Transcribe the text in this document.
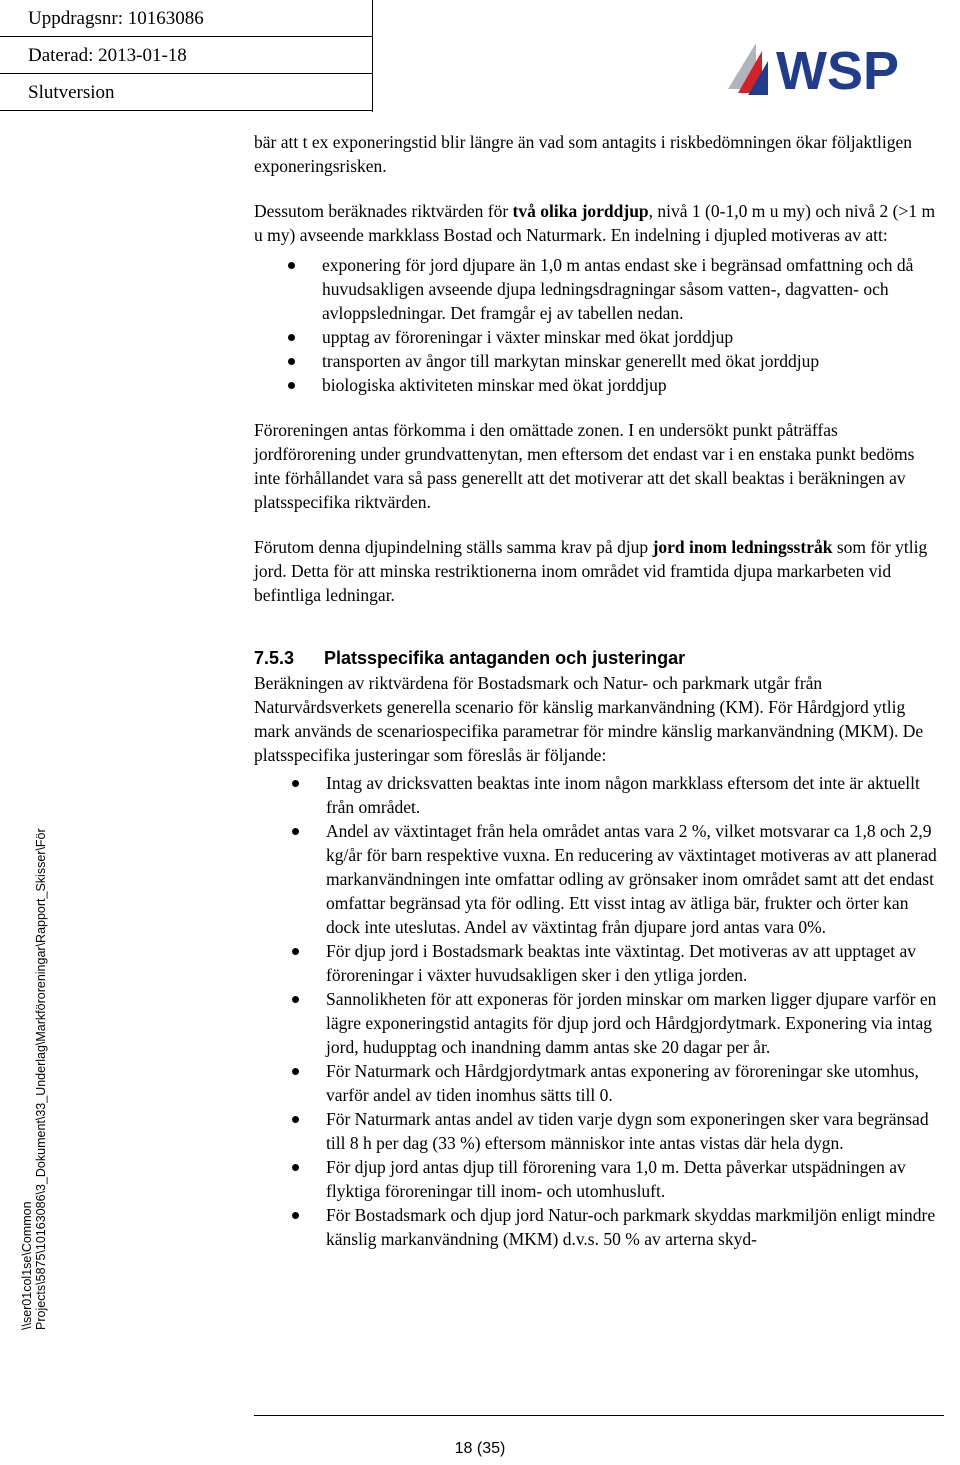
Uppdragsnr: 10163086
Daterad: 2013-01-18
Slutversion	WSP

bär att t ex exponeringstid blir längre än vad som antagits i riskbedömningen ökar följaktligen exponeringsrisken.

Dessutom beräknades riktvärden för två olika jorddjup, nivå 1 (0-1,0 m u my) och nivå 2 (>1 m u my) avseende markklass Bostad och Naturmark. En indelning i djupled motiveras av att:

exponering för jord djupare än 1,0 m antas endast ske i begränsad omfattning och då huvudsakligen avseende djupa ledningsdragningar såsom vatten-, dagvatten- och avloppsledningar. Det framgår ej av tabellen nedan.
upptag av föroreningar i växter minskar med ökat jorddjup
transporten av ångor till markytan minskar generellt med ökat jorddjup
biologiska aktiviteten minskar med ökat jorddjup

Föroreningen antas förkomma i den omättade zonen. I en undersökt punkt påträffas jordförorening under grundvattenytan, men eftersom det endast var i en enstaka punkt bedöms inte förhållandet vara så pass generellt att det motiverar att det skall beaktas i beräkningen av platsspecifika riktvärden.

Förutom denna djupindelning ställs samma krav på djup jord inom ledningsstråk som för ytlig jord. Detta för att minska restriktionerna inom området vid framtida djupa markarbeten vid befintliga ledningar.

7.5.3 Platsspecifika antaganden och justeringar

Beräkningen av riktvärdena för Bostadsmark och Natur- och parkmark utgår från Naturvårdsverkets generella scenario för känslig markanvändning (KM). För Hårdgjord ytlig mark används de scenariospecifika parametrar för mindre känslig markanvändning (MKM). De platsspecifika justeringar som föreslås är följande:

Intag av dricksvatten beaktas inte inom någon markklass eftersom det inte är aktuellt från området.
Andel av växtintaget från hela området antas vara 2 %, vilket motsvarar ca 1,8 och 2,9 kg/år för barn respektive vuxna. En reducering av växtintaget motiveras av att planerad markanvändningen inte omfattar odling av grönsaker inom området samt att det endast omfattar begränsad yta för odling. Ett visst intag av ätliga bär, frukter och örter kan dock inte uteslutas. Andel av växtintag från djupare jord antas vara 0%.
För djup jord i Bostadsmark beaktas inte växtintag. Det motiveras av att upptaget av föroreningar i växter huvudsakligen sker i den ytliga jorden.
Sannolikheten för att exponeras för jorden minskar om marken ligger djupare varför en lägre exponeringstid antagits för djup jord och Hårdgjordytmark. Exponering via intag jord, hudupptag och inandning damm antas ske 20 dagar per år.
För Naturmark och Hårdgjordytmark antas exponering av föroreningar ske utomhus, varför andel av tiden inomhus sätts till 0.
För Naturmark antas andel av tiden varje dygn som exponeringen sker vara begränsad till 8 h per dag (33 %) eftersom människor inte antas vistas där hela dygn.
För djup jord antas djup till förorening vara 1,0 m. Detta påverkar utspädningen av flyktiga föroreningar till inom- och utomhusluft.
För Bostadsmark och djup jord Natur-och parkmark skyddas markmiljön enligt mindre känslig markanvändning (MKM) d.v.s. 50 % av arterna skyd-
\\ser01col1se\Common Projects\5875\10163086\3_Dokument\33_Underlag\Markföroreningar\Rapport_Skisser\För
18 (35)
